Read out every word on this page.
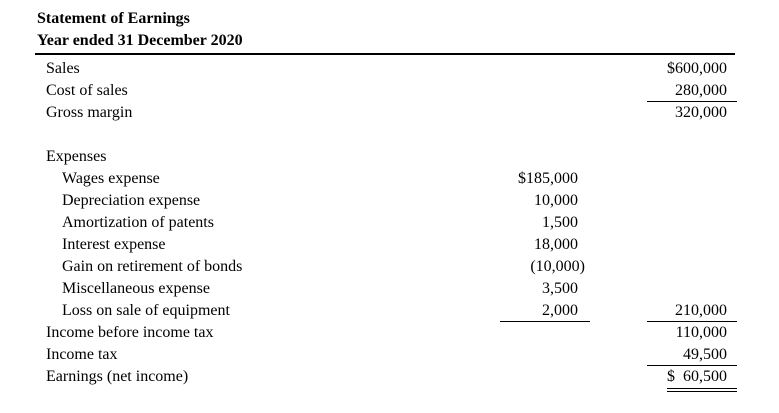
Statement of Earnings
Year ended 31 December 2020
Sales	$600,000
Cost of sales	280,000
Gross margin	320,000
Expenses
Wages expense	$185,000
Depreciation expense	10,000
Amortization of patents	1,500
Interest expense	18,000
Gain on retirement of bonds	(10,000)
Miscellaneous expense	3,500
Loss on sale of equipment	2,000	210,000
Income before income tax	110,000
Income tax	49,500
Earnings (net income)	$  60,500
